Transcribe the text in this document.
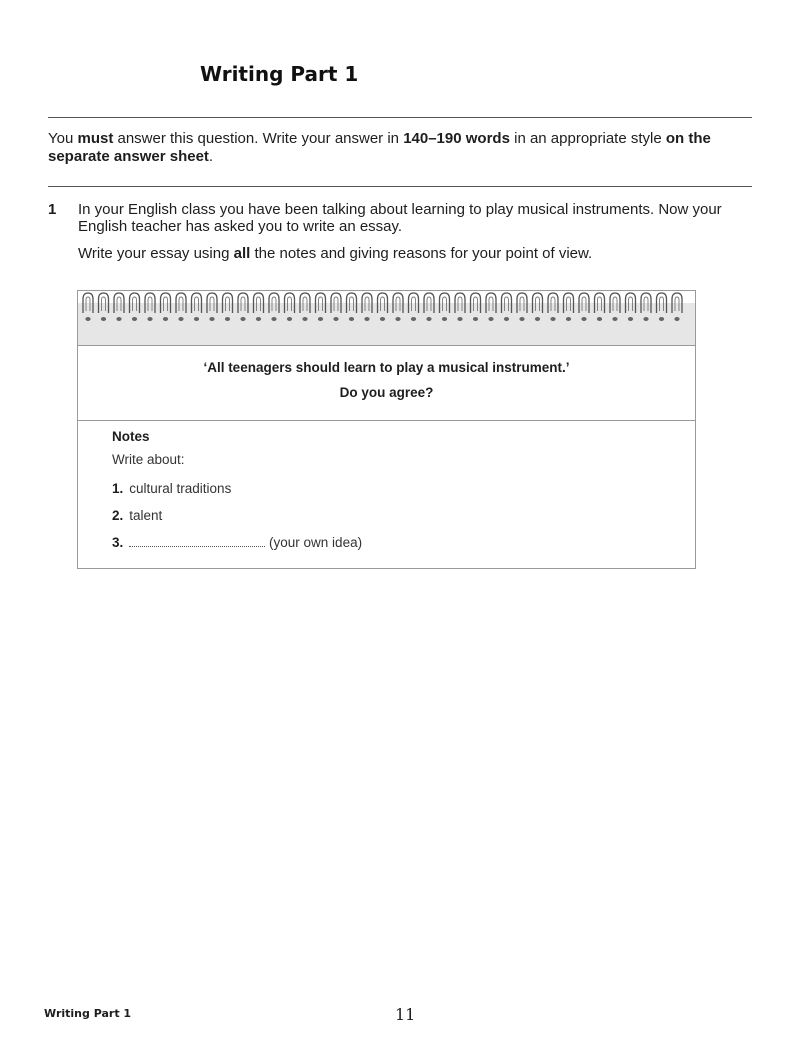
Writing Part 1
You must answer this question. Write your answer in 140–190 words in an appropriate style on the separate answer sheet.
1 In your English class you have been talking about learning to play musical instruments. Now your English teacher has asked you to write an essay.

Write your essay using all the notes and giving reasons for your point of view.

‘All teenagers should learn to play a musical instrument.’
Do you agree?
Notes
Write about:
1. cultural traditions
2. talent
3.	(your own idea)
Writing Part 1	11
